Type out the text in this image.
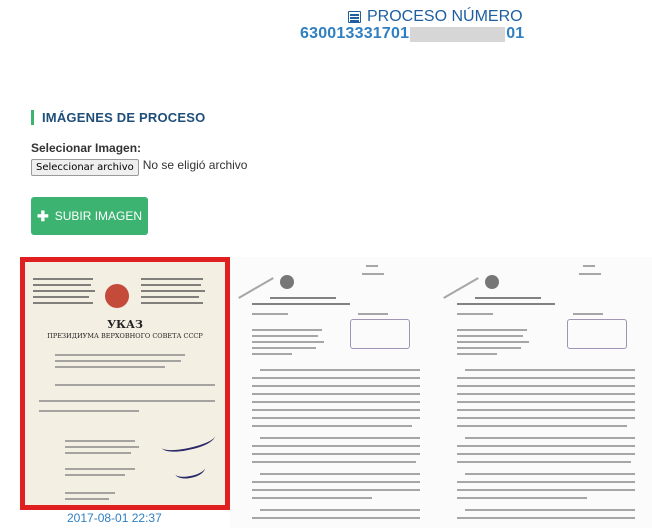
PROCESO NÚMERO
630013331701	01
IMÁGENES DE PROCESO
Selecionar Imagen:
Seleccionar archivo No se eligió archivo
✚ SUBIR IMAGEN
УКАЗ
ПРЕЗИДИУМА ВЕРХОВНОГО СОВЕТА СССР
2017-08-01 22:37
